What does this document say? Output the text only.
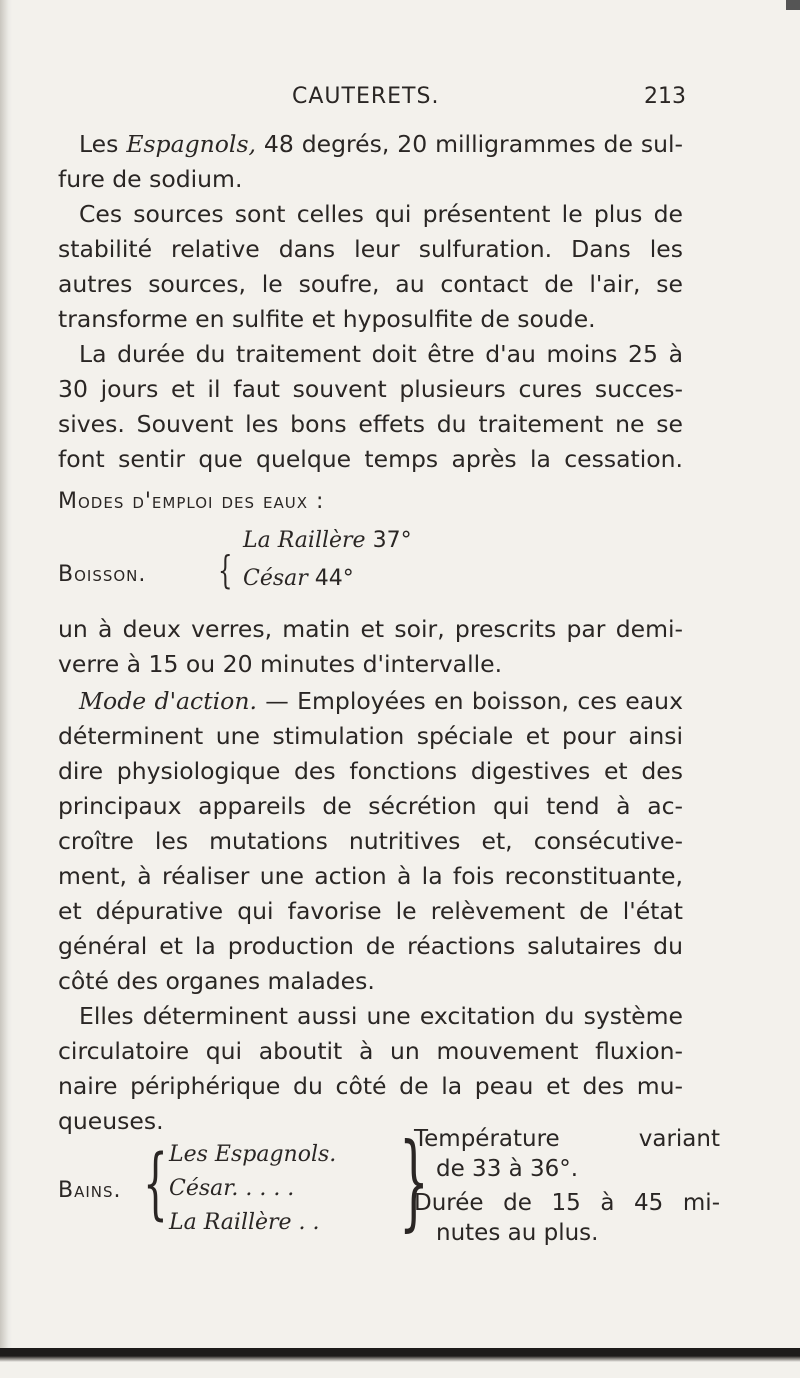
CAUTERETS.	213
Les Espagnols, 48 degrés, 20 milligrammes de sul-
fure de sodium.
Ces sources sont celles qui présentent le plus de
stabilité relative dans leur sulfuration. Dans les
autres sources, le soufre, au contact de l'air, se
transforme en sulfite et hyposulfite de soude.
La durée du traitement doit être d'au moins 25 à
30 jours et il faut souvent plusieurs cures succes-
sives. Souvent les bons effets du traitement ne se
font sentir que quelque temps après la cessation.
Modes d'emploi des eaux :
Boisson. {
La Raillère 37°
César 44°
un à deux verres, matin et soir, prescrits par demi-
verre à 15 ou 20 minutes d'intervalle.
Mode d'action. — Employées en boisson, ces eaux
déterminent une stimulation spéciale et pour ainsi
dire physiologique des fonctions digestives et des
principaux appareils de sécrétion qui tend à ac-
croître les mutations nutritives et, consécutive-
ment, à réaliser une action à la fois reconstituante,
et dépurative qui favorise le relèvement de l'état
général et la production de réactions salutaires du
côté des organes malades.
Elles déterminent aussi une excitation du système
circulatoire qui aboutit à un mouvement fluxion-
naire périphérique du côté de la peau et des mu-
queuses.
Bains. { Les Espagnols.
César. . . . .
La Raillère . . }
Température variant
de 33 à 36°.
Durée de 15 à 45 mi-
nutes au plus.
